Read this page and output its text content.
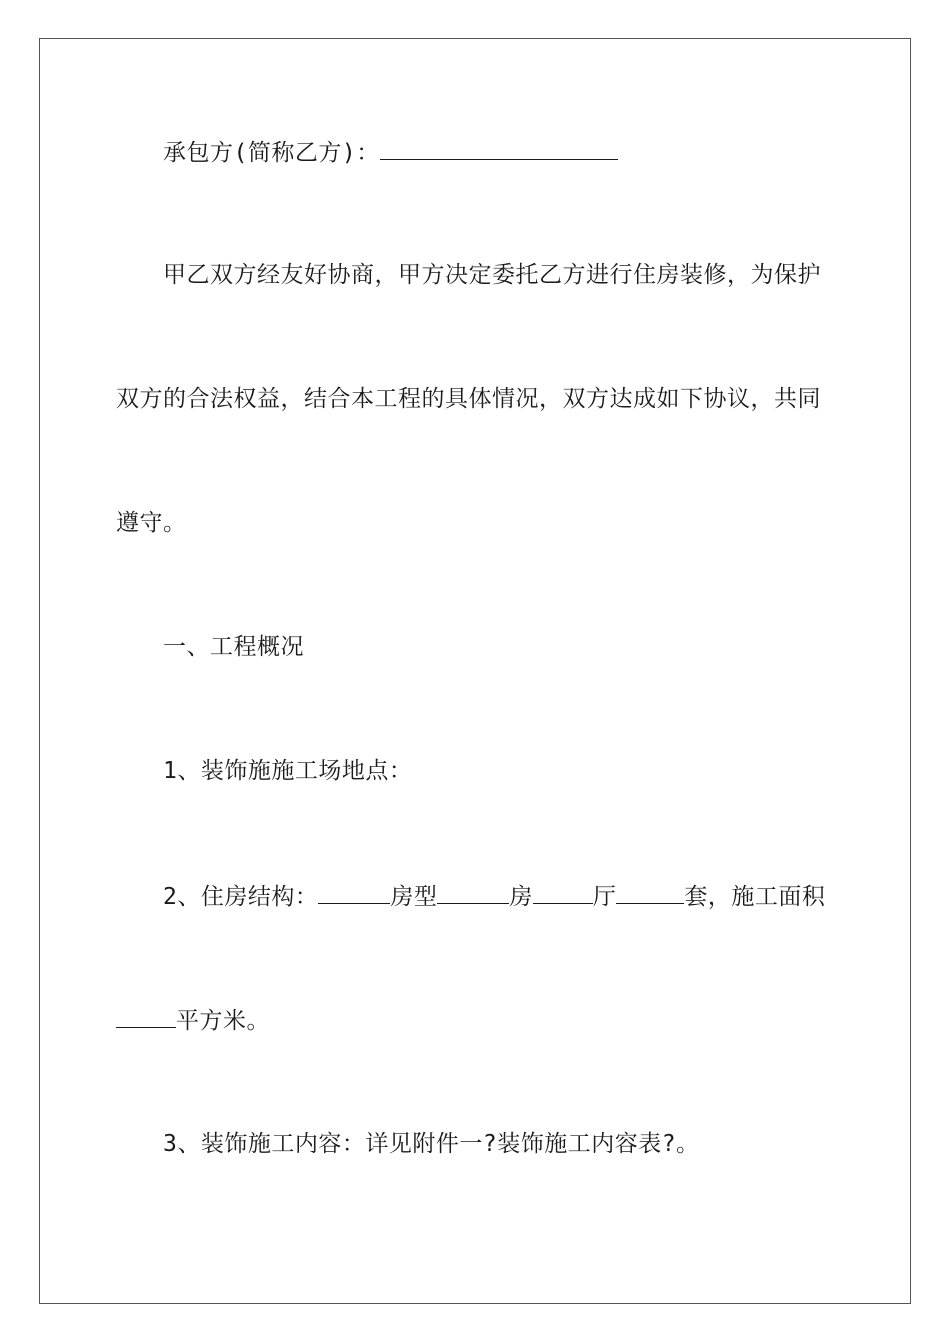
承包方(简称乙方)：
甲乙双方经友好协商，甲方决定委托乙方进行住房装修，为保护
双方的合法权益，结合本工程的具体情况，双方达成如下协议，共同
遵守。
一、工程概况
1、装饰施施工场地点：
2、住房结构：	房型	房	厅	套，施工面积
平方米。
3、装饰施工内容：详见附件一?装饰施工内容表?。
